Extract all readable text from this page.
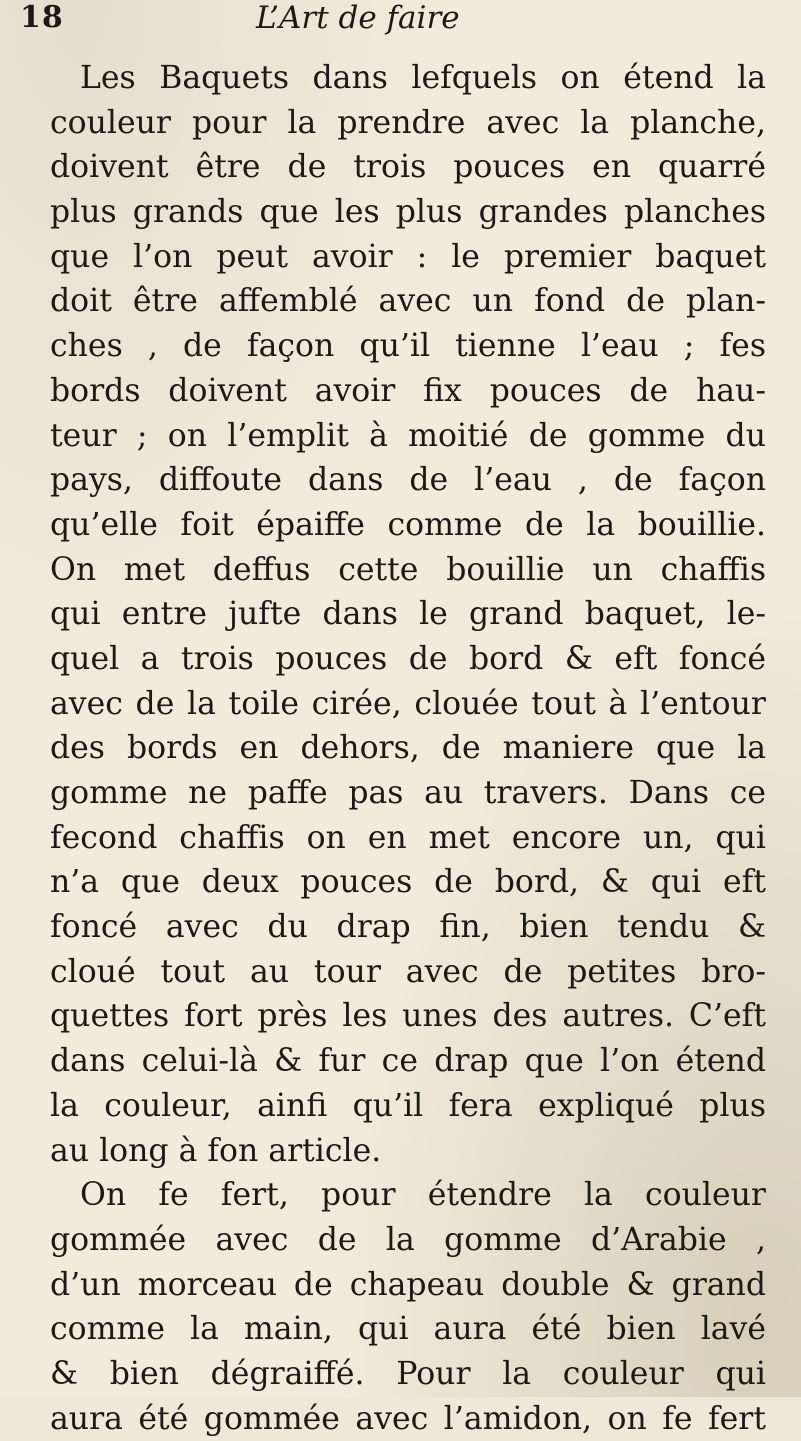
18	L’Art de faire
Les Baquets dans lefquels on étend la
couleur pour la prendre avec la planche,
doivent être de trois pouces en quarré
plus grands que les plus grandes planches
que l’on peut avoir : le premier baquet
doit être affemblé avec un fond de plan-
ches , de façon qu’il tienne l’eau ; fes
bords doivent avoir fix pouces de hau-
teur ; on l’emplit à moitié de gomme du
pays, diffoute dans de l’eau , de façon
qu’elle foit épaiffe comme de la bouillie.
On met deffus cette bouillie un chaffis
qui entre jufte dans le grand baquet, le-
quel a trois pouces de bord & eft foncé
avec de la toile cirée, clouée tout à l’entour
des bords en dehors, de maniere que la
gomme ne paffe pas au travers. Dans ce
fecond chaffis on en met encore un, qui
n’a que deux pouces de bord, & qui eft
foncé avec du drap fin, bien tendu &
cloué tout au tour avec de petites bro-
quettes fort près les unes des autres. C’eft
dans celui-là & fur ce drap que l’on étend
la couleur, ainfi qu’il fera expliqué plus
au long à fon article.
On fe fert, pour étendre la couleur
gommée avec de la gomme d’Arabie ,
d’un morceau de chapeau double & grand
comme la main, qui aura été bien lavé
& bien dégraiffé. Pour la couleur qui
aura été gommée avec l’amidon, on fe fert
